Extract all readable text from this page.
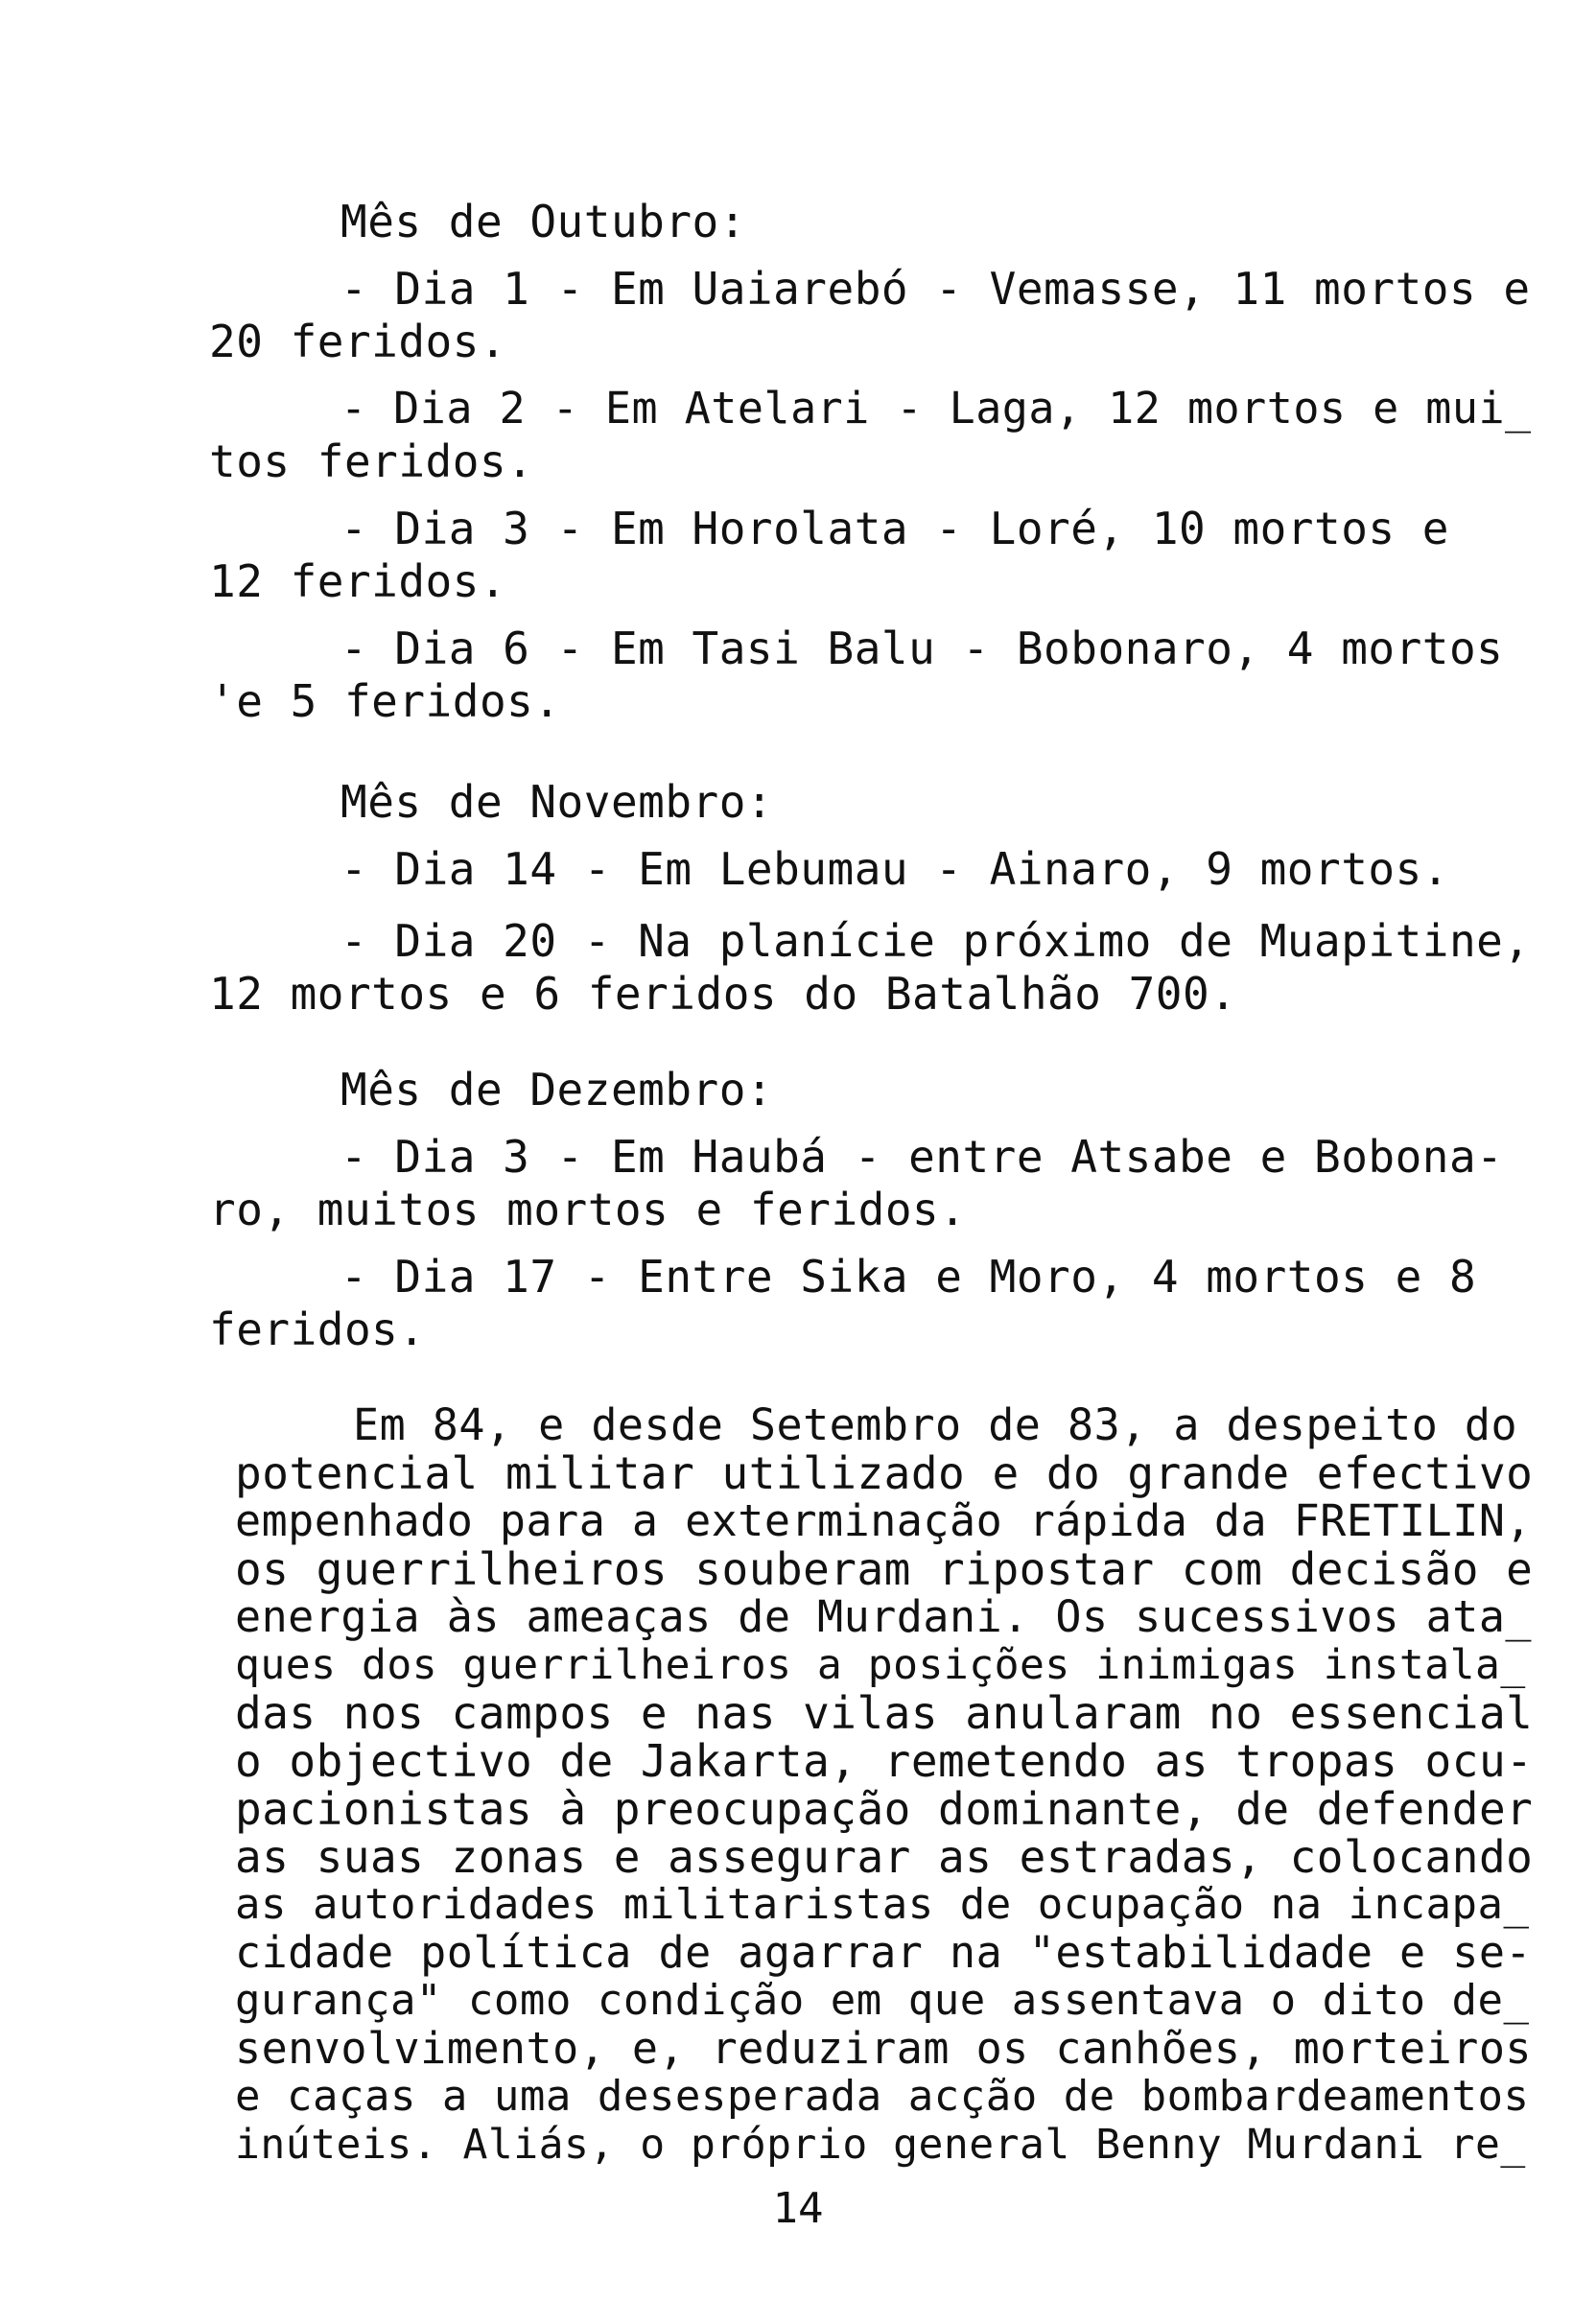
Mês de Outubro:
- Dia 1 - Em Uaiarebó - Vemasse, 11 mortos e
20 feridos.
- Dia 2 - Em Atelari - Laga, 12 mortos e mui_
tos feridos.
- Dia 3 - Em Horolata - Loré, 10 mortos e
12 feridos.
- Dia 6 - Em Tasi Balu - Bobonaro, 4 mortos
'e 5 feridos.
Mês de Novembro:
- Dia 14 - Em Lebumau - Ainaro, 9 mortos.
- Dia 20 - Na planície próximo de Muapitine,
12 mortos e 6 feridos do Batalhão 700.
Mês de Dezembro:
- Dia 3 - Em Haubá - entre Atsabe e Bobona-
ro, muitos mortos e feridos.
- Dia 17 - Entre Sika e Moro, 4 mortos e 8
feridos.
Em 84, e desde Setembro de 83, a despeito do
potencial militar utilizado e do grande efectivo
empenhado para a exterminação rápida da FRETILIN,
os guerrilheiros souberam ripostar com decisão e
energia às ameaças de Murdani. Os sucessivos ata_
ques dos guerrilheiros a posições inimigas instala_
das nos campos e nas vilas anularam no essencial
o objectivo de Jakarta, remetendo as tropas ocu-
pacionistas à preocupação dominante, de defender
as suas zonas e assegurar as estradas, colocando
as autoridades militaristas de ocupação na incapa_
cidade política de agarrar na "estabilidade e se-
gurança" como condição em que assentava o dito de_
senvolvimento, e, reduziram os canhões, morteiros
e caças a uma desesperada acção de bombardeamentos
inúteis. Aliás, o próprio general Benny Murdani re_
14
